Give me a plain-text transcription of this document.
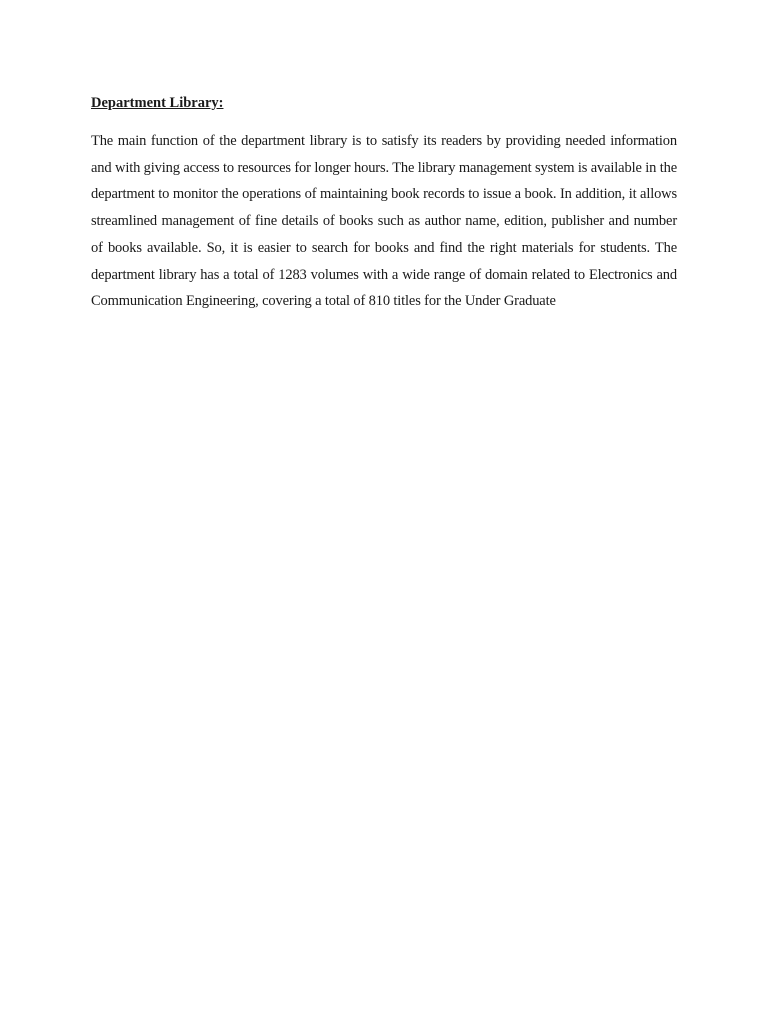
Department Library:

The main function of the department library is to satisfy its readers by providing needed information and with giving access to resources for longer hours. The library management system is available in the department to monitor the operations of maintaining book records to issue a book. In addition, it allows streamlined management of fine details of books such as author name, edition, publisher and number of books available. So, it is easier to search for books and find the right materials for students. The department library has a total of 1283 volumes with a wide range of domain related to Electronics and Communication Engineering, covering a total of 810 titles for the Under Graduate
